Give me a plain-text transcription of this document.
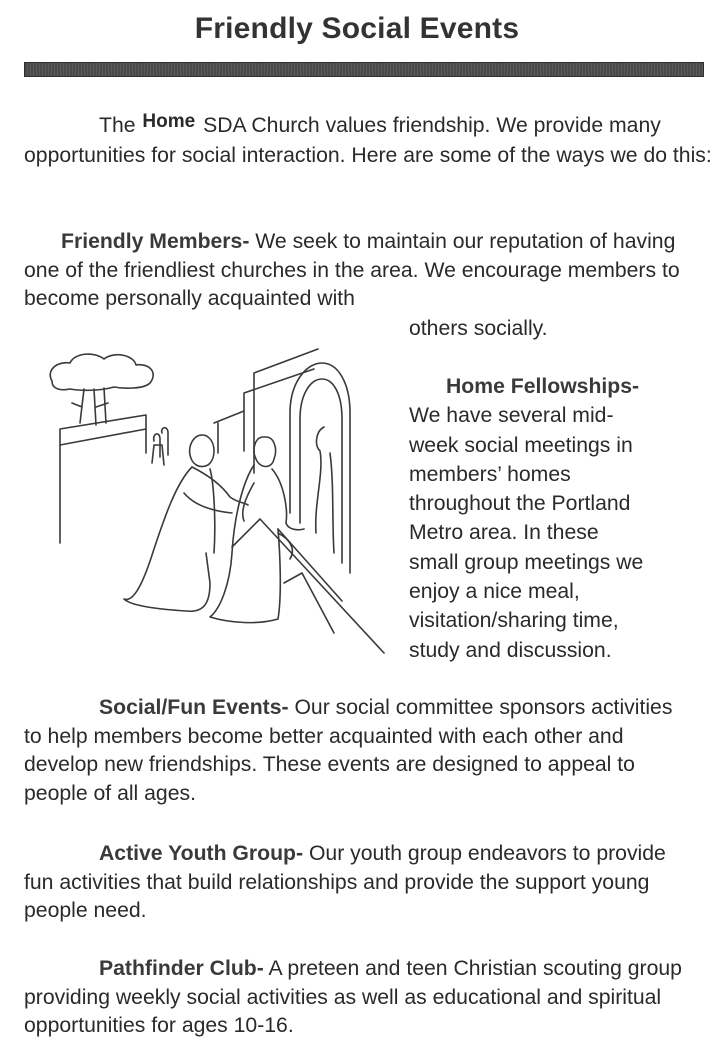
Friendly Social Events

The Home SDA Church values friendship. We provide many opportunities for social interaction. Here are some of the ways we do this:

Friendly Members- We seek to maintain our reputation of having one of the friendliest churches in the area. We encourage members to become personally acquainted with

others socially.
Home Fellowships-
We have several mid-
week social meetings in
members’ homes
throughout the Portland
Metro area. In these
small group meetings we
enjoy a nice meal,
visitation/sharing time,
study and discussion.

Social/Fun Events- Our social committee sponsors activities to help members become better acquainted with each other and develop new friendships. These events are designed to appeal to people of all ages.

Active Youth Group- Our youth group endeavors to provide fun activities that build relationships and provide the support young people need.

Pathfinder Club- A preteen and teen Christian scouting group providing weekly social activities as well as educational and spiritual opportunities for ages 10-16.
